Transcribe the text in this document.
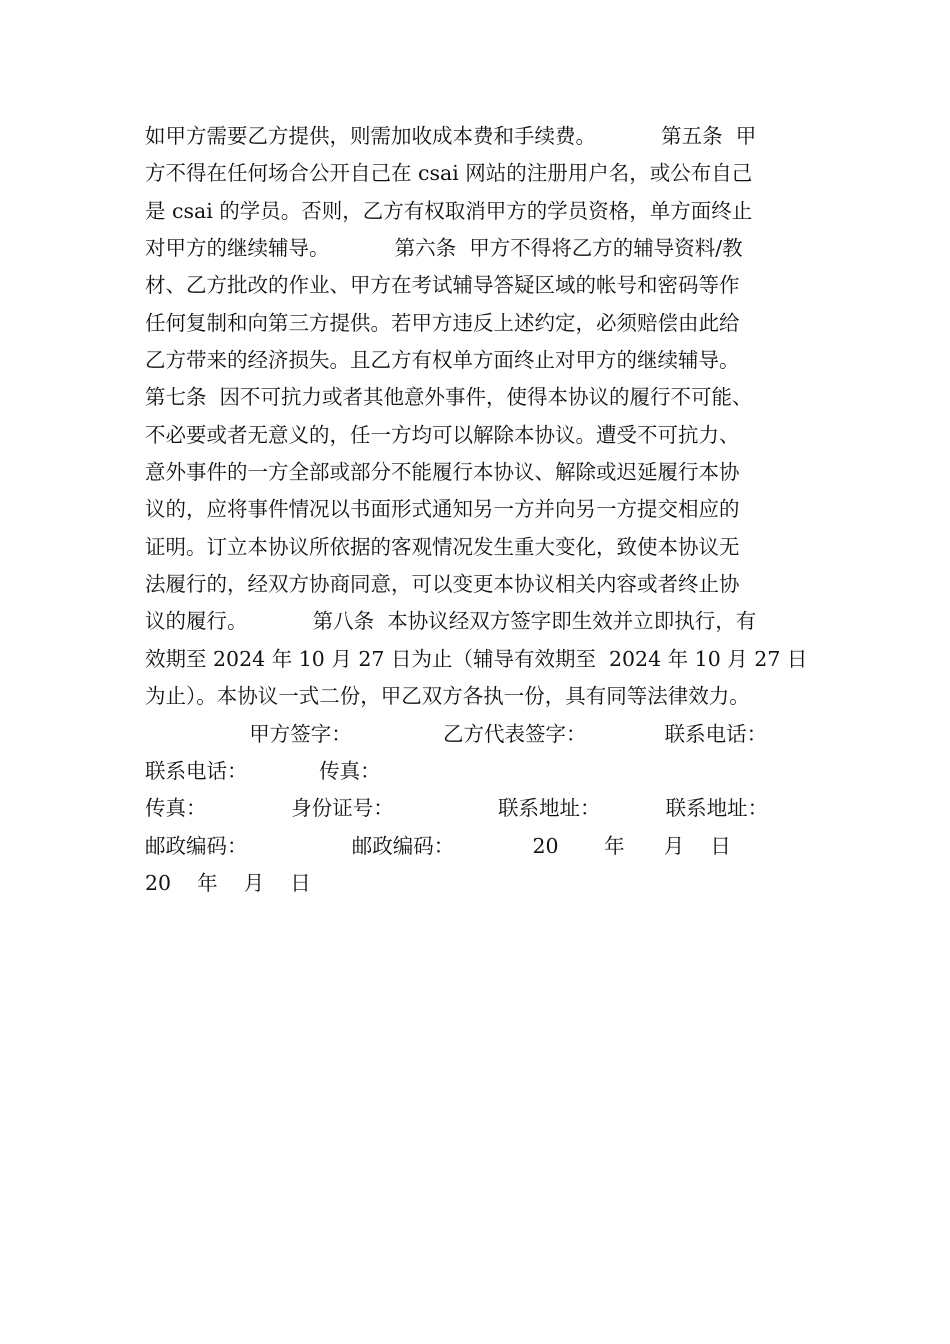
如甲方需要乙方提供，则需加收成本费和手续费。          第五条  甲
方不得在任何场合公开自己在 csai 网站的注册用户名，或公布自己
是 csai 的学员。否则，乙方有权取消甲方的学员资格，单方面终止
对甲方的继续辅导。          第六条  甲方不得将乙方的辅导资料/教
材、乙方批改的作业、甲方在考试辅导答疑区域的帐号和密码等作
任何复制和向第三方提供。若甲方违反上述约定，必须赔偿由此给
乙方带来的经济损失。且乙方有权单方面终止对甲方的继续辅导。
第七条  因不可抗力或者其他意外事件，使得本协议的履行不可能、
不必要或者无意义的，任一方均可以解除本协议。遭受不可抗力、
意外事件的一方全部或部分不能履行本协议、解除或迟延履行本协
议的，应将事件情况以书面形式通知另一方并向另一方提交相应的
证明。订立本协议所依据的客观情况发生重大变化，致使本协议无
法履行的，经双方协商同意，可以变更本协议相关内容或者终止协
议的履行。          第八条  本协议经双方签字即生效并立即执行，有
效期至 2024 年 10 月 27 日为止（辅导有效期至  2024 年 10 月 27 日
为止）。本协议一式二份，甲乙双方各执一份，具有同等法律效力。
甲方签字：              乙方代表签字：            联系电话：
联系电话：           传真：
传真：             身份证号：                联系地址：          联系地址：
邮政编码：                邮政编码：            20       年      月    日
20    年    月    日
